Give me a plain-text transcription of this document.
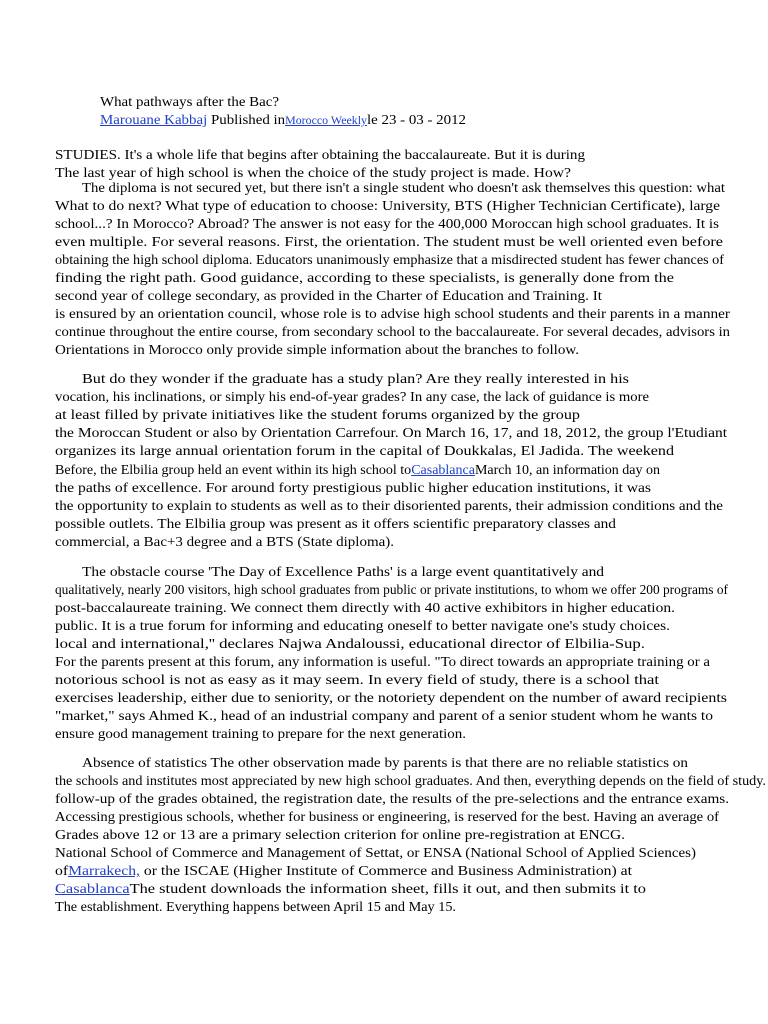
What pathways after the Bac?
Marouane Kabbaj Published inMorocco Weeklyle 23 - 03 - 2012
STUDIES. It's a whole life that begins after obtaining the baccalaureate. But it is during
The last year of high school is when the choice of the study project is made. How?
The diploma is not secured yet, but there isn't a single student who doesn't ask themselves this question: what
What to do next? What type of education to choose: University, BTS (Higher Technician Certificate), large
school...? In Morocco? Abroad? The answer is not easy for the 400,000 Moroccan high school graduates. It is
even multiple. For several reasons. First, the orientation. The student must be well oriented even before
obtaining the high school diploma. Educators unanimously emphasize that a misdirected student has fewer chances of
finding the right path. Good guidance, according to these specialists, is generally done from the
second year of college secondary, as provided in the Charter of Education and Training. It
is ensured by an orientation council, whose role is to advise high school students and their parents in a manner
continue throughout the entire course, from secondary school to the baccalaureate. For several decades, advisors in
Orientations in Morocco only provide simple information about the branches to follow.
But do they wonder if the graduate has a study plan? Are they really interested in his
vocation, his inclinations, or simply his end-of-year grades? In any case, the lack of guidance is more
at least filled by private initiatives like the student forums organized by the group
the Moroccan Student or also by Orientation Carrefour. On March 16, 17, and 18, 2012, the group l'Etudiant
organizes its large annual orientation forum in the capital of Doukkalas, El Jadida. The weekend
Before, the Elbilia group held an event within its high school toCasablancaMarch 10, an information day on
the paths of excellence. For around forty prestigious public higher education institutions, it was
the opportunity to explain to students as well as to their disoriented parents, their admission conditions and the
possible outlets. The Elbilia group was present as it offers scientific preparatory classes and
commercial, a Bac+3 degree and a BTS (State diploma).
The obstacle course 'The Day of Excellence Paths' is a large event quantitatively and
qualitatively, nearly 200 visitors, high school graduates from public or private institutions, to whom we offer 200 programs of
post-baccalaureate training. We connect them directly with 40 active exhibitors in higher education.
public. It is a true forum for informing and educating oneself to better navigate one's study choices.
local and international,'' declares Najwa Andaloussi, educational director of Elbilia-Sup.
For the parents present at this forum, any information is useful. "To direct towards an appropriate training or a
notorious school is not as easy as it may seem. In every field of study, there is a school that
exercises leadership, either due to seniority, or the notoriety dependent on the number of award recipients
"market," says Ahmed K., head of an industrial company and parent of a senior student whom he wants to
ensure good management training to prepare for the next generation.
Absence of statistics The other observation made by parents is that there are no reliable statistics on
the schools and institutes most appreciated by new high school graduates. And then, everything depends on the field of study.
follow-up of the grades obtained, the registration date, the results of the pre-selections and the entrance exams.
Accessing prestigious schools, whether for business or engineering, is reserved for the best. Having an average of
Grades above 12 or 13 are a primary selection criterion for online pre-registration at ENCG.
National School of Commerce and Management of Settat, or ENSA (National School of Applied Sciences)
ofMarrakech, or the ISCAE (Higher Institute of Commerce and Business Administration) at
CasablancaThe student downloads the information sheet, fills it out, and then submits it to
The establishment. Everything happens between April 15 and May 15.
